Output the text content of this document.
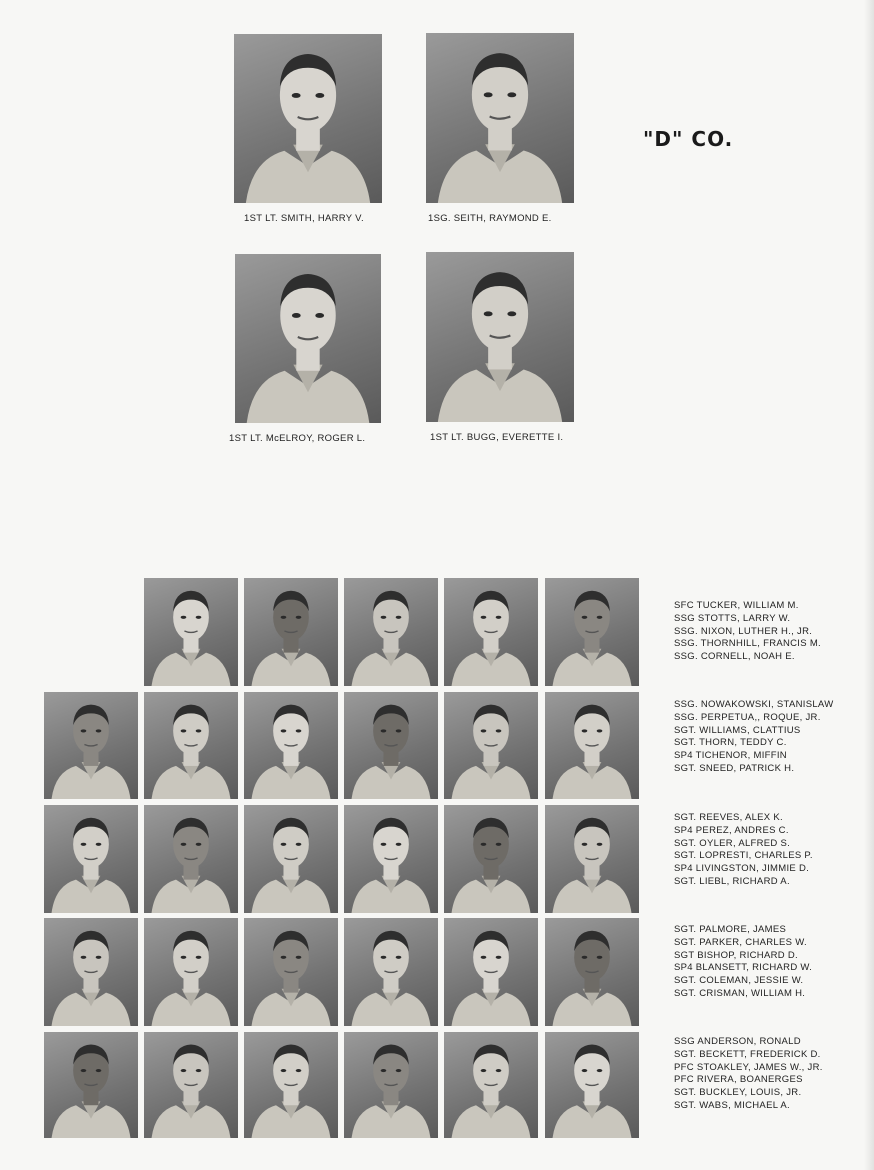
"D" CO.
1ST LT. SMITH, HARRY V.	1SG. SEITH, RAYMOND E.
1ST LT. McELROY, ROGER L.	1ST LT. BUGG, EVERETTE I.
SFC TUCKER, WILLIAM M.
SSG STOTTS, LARRY W.
SSG. NIXON, LUTHER H., JR.
SSG. THORNHILL, FRANCIS M.
SSG. CORNELL, NOAH E.
SSG. NOWAKOWSKI, STANISLAW
SSG. PERPETUA,, ROQUE, JR.
SGT. WILLIAMS, CLATTIUS
SGT. THORN, TEDDY C.
SP4 TICHENOR, MIFFIN
SGT. SNEED, PATRICK H.
SGT. REEVES, ALEX K.
SP4 PEREZ, ANDRES C.
SGT. OYLER, ALFRED S.
SGT. LOPRESTI, CHARLES P.
SP4 LIVINGSTON, JIMMIE D.
SGT. LIEBL, RICHARD A.
SGT. PALMORE, JAMES
SGT. PARKER, CHARLES W.
SGT BISHOP, RICHARD D.
SP4 BLANSETT, RICHARD W.
SGT. COLEMAN, JESSIE W.
SGT. CRISMAN, WILLIAM H.
SSG ANDERSON, RONALD
SGT. BECKETT, FREDERICK D.
PFC STOAKLEY, JAMES W., JR.
PFC RIVERA, BOANERGES
SGT. BUCKLEY, LOUIS, JR.
SGT. WABS, MICHAEL A.
